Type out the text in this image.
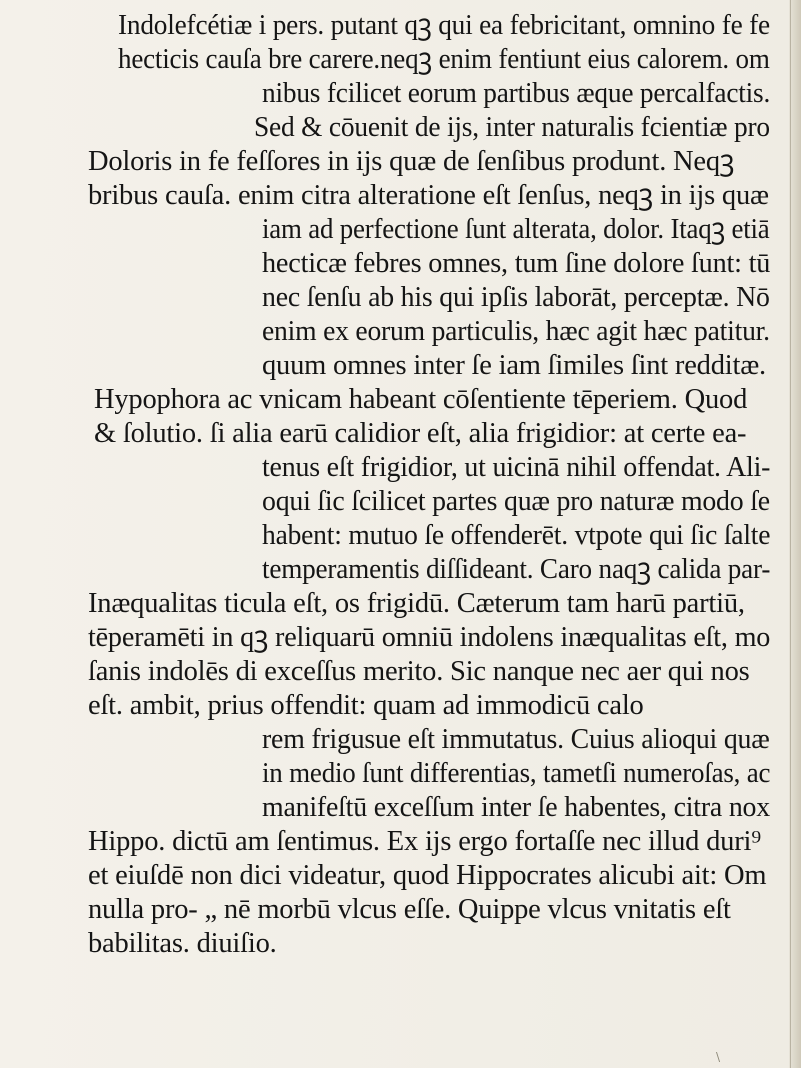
Indolefcétiæ i pers. putant qꝫ qui ea febricitant, omnino fe fe
hecticis cauſa bre carere.neqꝫ enim fentiunt eius calorem. om
nibus fcilicet eorum partibus æque percalfactis.
Sed & cōuenit de ijs, inter naturalis fcientiæ pro
Doloris in fe feſſores in ijs quæ de ſenſibus produnt. Neqꝫ
bribus cauſa. enim citra alteratione eſt ſenſus, neqꝫ in ijs quæ
iam ad perfectione ſunt alterata, dolor. Itaqꝫ etiā
hecticæ febres omnes, tum ſine dolore ſunt: tū
nec ſenſu ab his qui ipſis laborāt, perceptæ. Nō
enim ex eorum particulis, hæc agit hæc patitur.
quum omnes inter ſe iam ſimiles ſint redditæ.
Hypophora ac vnicam habeant cōſentiente tēperiem. Quod
& ſolutio. ſi alia earū calidior eſt, alia frigidior: at certe ea-
tenus eſt frigidior, ut uicinā nihil offendat. Ali-
oqui ſic ſcilicet partes quæ pro naturæ modo ſe
habent: mutuo ſe offenderēt. vtpote qui ſic ſalte
temperamentis diſſideant. Caro naqꝫ calida par-
Inæqualitas ticula eſt, os frigidū. Cæterum tam harū partiū,
tēperamēti in qꝫ reliquarū omniū indolens inæqualitas eſt, mo
ſanis indolēs di exceſſus merito. Sic nanque nec aer qui nos
eſt. ambit, prius offendit: quam ad immodicū calo
rem frigusue eſt immutatus. Cuius alioqui quæ
in medio ſunt differentias, tametſi numeroſas, ac
manifeſtū exceſſum inter ſe habentes, citra nox
Hippo. dictū am ſentimus. Ex ijs ergo fortaſſe nec illud duri⁹
et eiuſdē non dici videatur, quod Hippocrates alicubi ait: Om
nulla pro- „ nē morbū vlcus eſſe. Quippe vlcus vnitatis eſt
babilitas. diuiſio.
\
